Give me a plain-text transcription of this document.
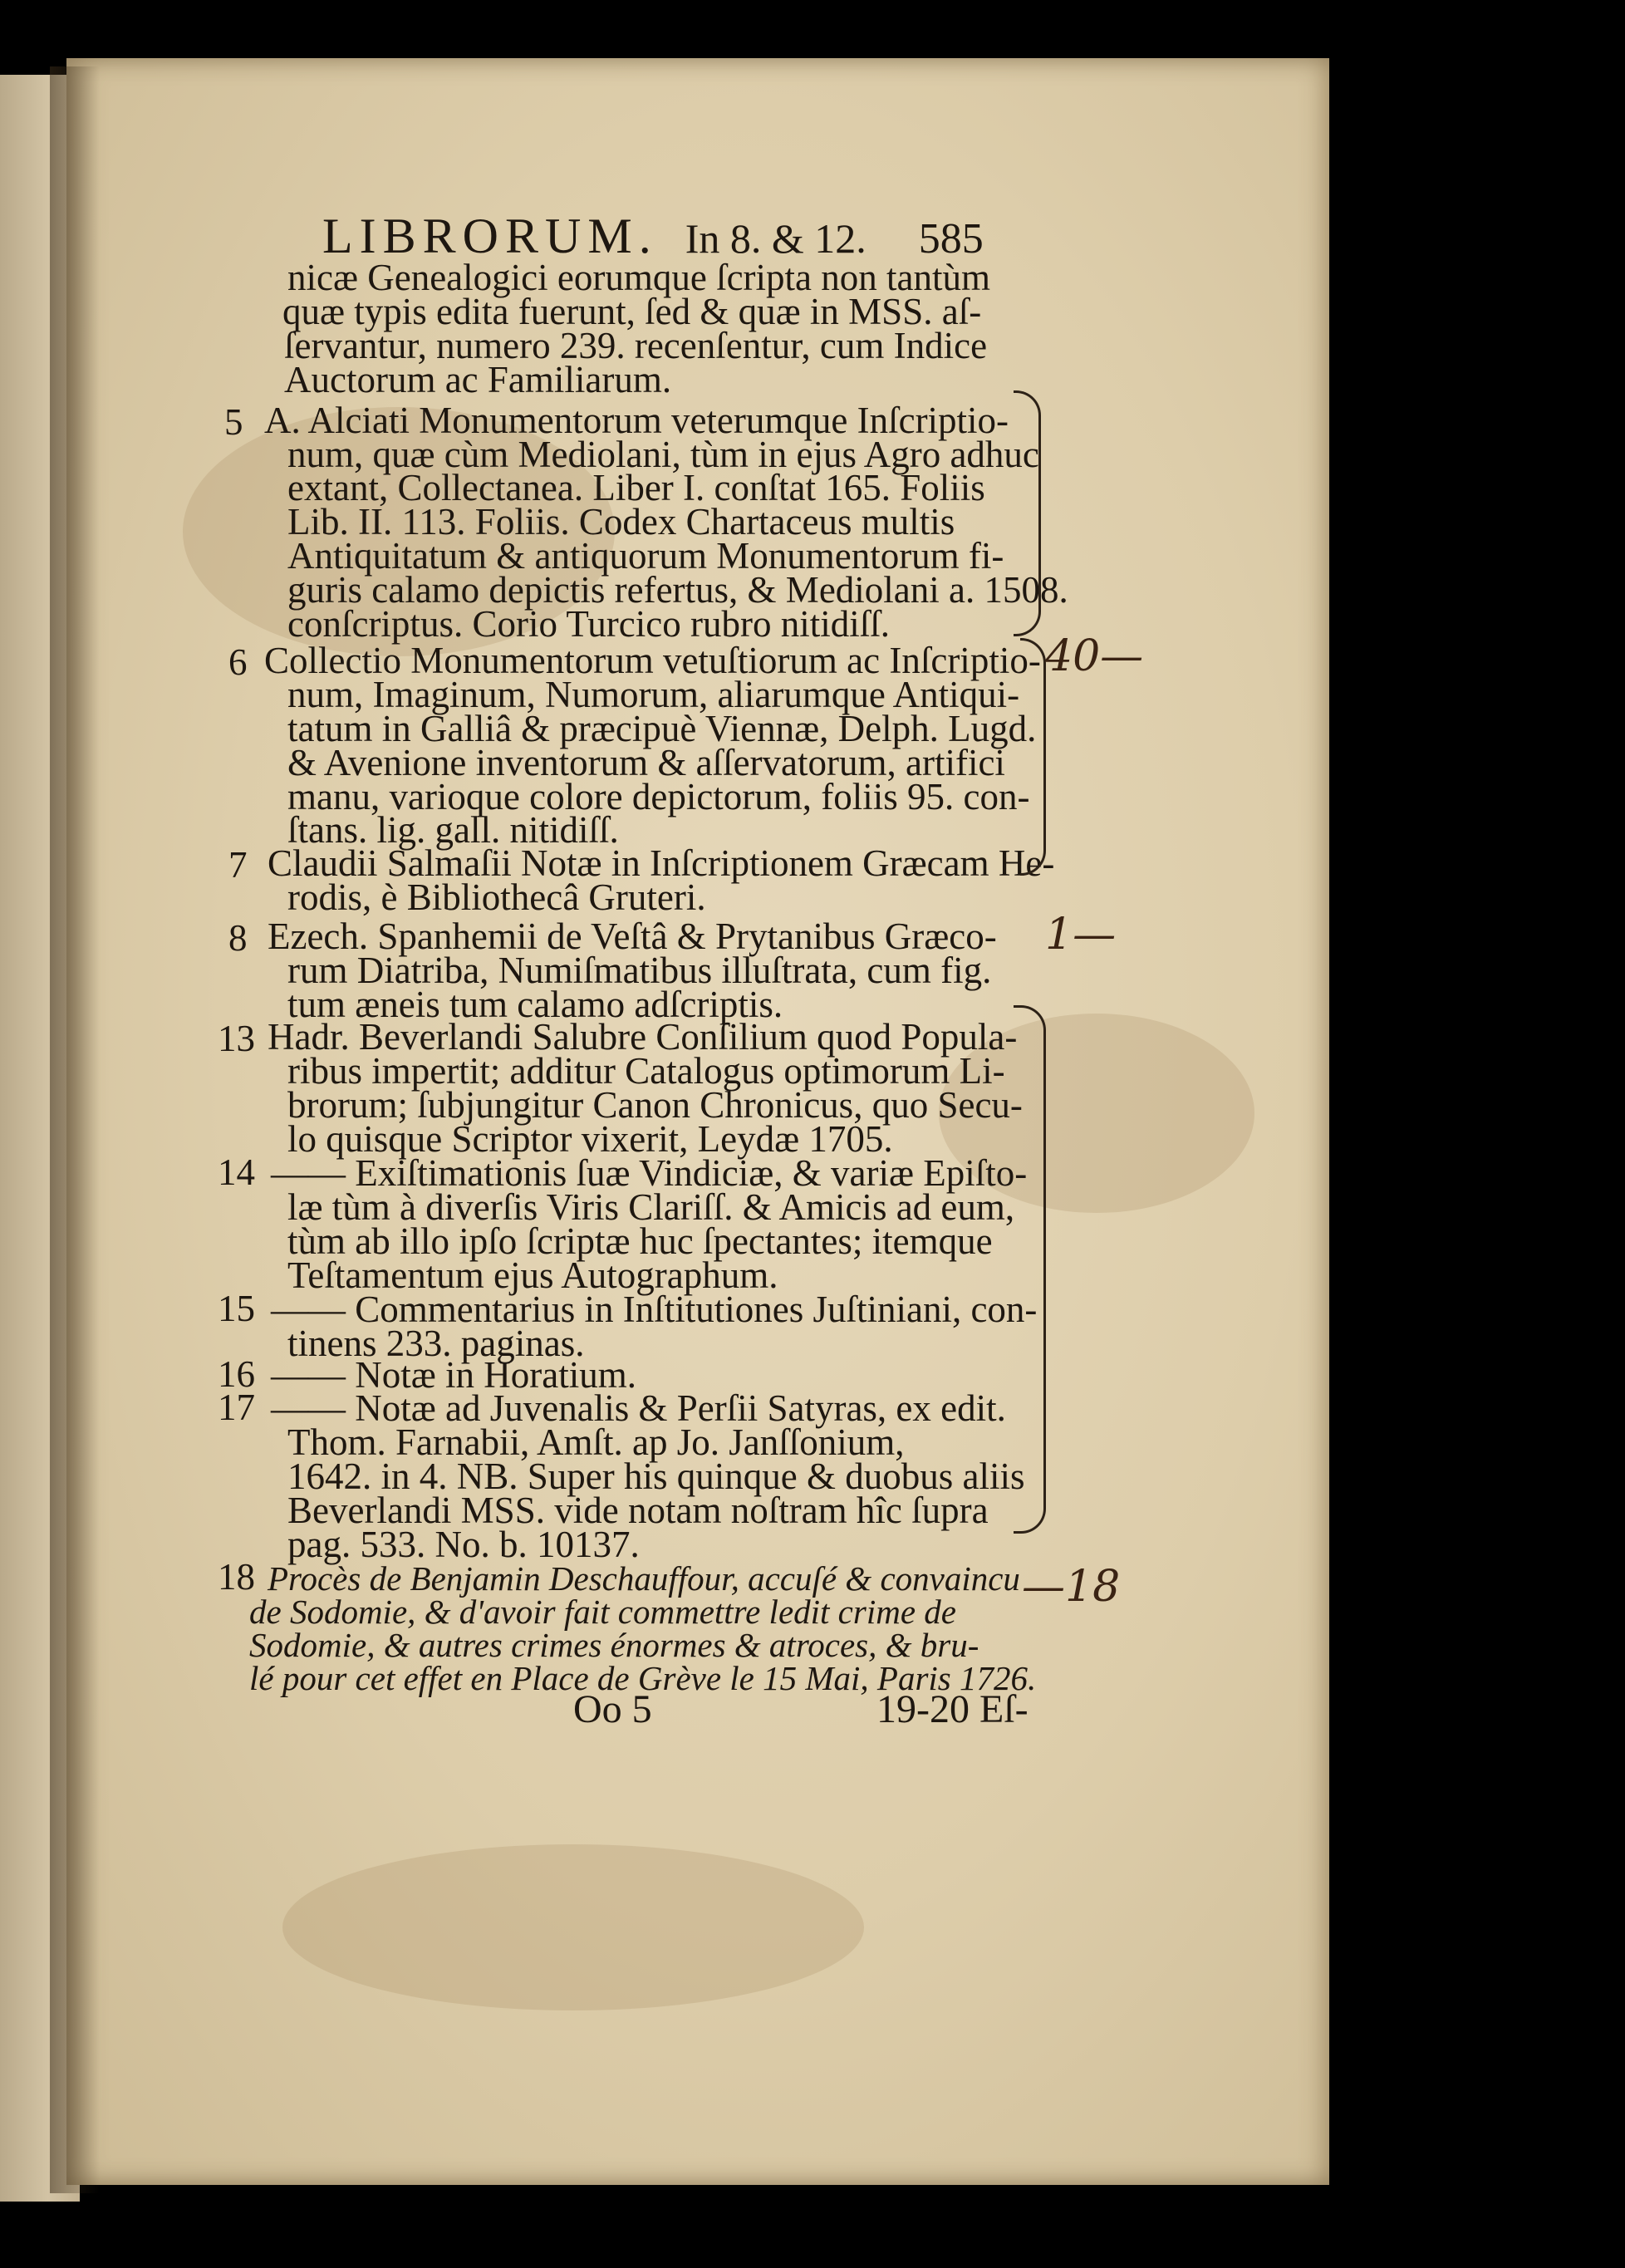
LIBRORUM. In 8. & 12. 585
5
6
7
8
13
14
15
16
17
18
nicæ Genealogici eorumque ſcripta non tantùm
quæ typis edita fuerunt, ſed & quæ in MSS. aſ-
ſervantur, numero 239. recenſentur, cum Indice
Auctorum ac Familiarum.
A. Alciati Monumentorum veterumque Inſcriptio-
num, quæ cùm Mediolani, tùm in ejus Agro adhuc
extant, Collectanea. Liber I. conſtat 165. Foliis
Lib. II. 113. Foliis. Codex Chartaceus multis
Antiquitatum & antiquorum Monumentorum fi-
guris calamo depictis refertus, & Mediolani a. 1508.
conſcriptus. Corio Turcico rubro nitidiſſ.
Collectio Monumentorum vetuſtiorum ac Inſcriptio-
num, Imaginum, Numorum, aliarumque Antiqui-
tatum in Galliâ & præcipuè Viennæ, Delph. Lugd.
& Avenione inventorum & aſſervatorum, artifici
manu, varioque colore depictorum, foliis 95. con-
ſtans. lig. gall. nitidiſſ.
Claudii Salmaſii Notæ in Inſcriptionem Græcam He-
rodis, è Bibliothecâ Gruteri.
Ezech. Spanhemii de Veſtâ & Prytanibus Græco-
rum Diatriba, Numiſmatibus illuſtrata, cum fig.
tum æneis tum calamo adſcriptis.
Hadr. Beverlandi Salubre Conſilium quod Popula-
ribus impertit; additur Catalogus optimorum Li-
brorum; ſubjungitur Canon Chronicus, quo Secu-
lo quisque Scriptor vixerit, Leydæ 1705.
—— Exiſtimationis ſuæ Vindiciæ, & variæ Epiſto-
læ tùm à diverſis Viris Clariſſ. & Amicis ad eum,
tùm ab illo ipſo ſcriptæ huc ſpectantes; itemque
Teſtamentum ejus Autographum.
—— Commentarius in Inſtitutiones Juſtiniani, con-
tinens 233. paginas.
—— Notæ in Horatium.
—— Notæ ad Juvenalis & Perſii Satyras, ex edit.
Thom. Farnabii, Amſt. ap Jo. Janſſonium,
1642. in 4. NB. Super his quinque & duobus aliis
Beverlandi MSS. vide notam noſtram hîc ſupra
pag. 533. No. b. 10137.
Procès de Benjamin Deschauffour, accuſé & convaincu
de Sodomie, & d'avoir fait commettre ledit crime de
Sodomie, & autres crimes énormes & atroces, & bru-
lé pour cet effet en Place de Grève le 15 Mai, Paris 1726.
Oo 5	19-20 Eſ-
40—
1—
—18
